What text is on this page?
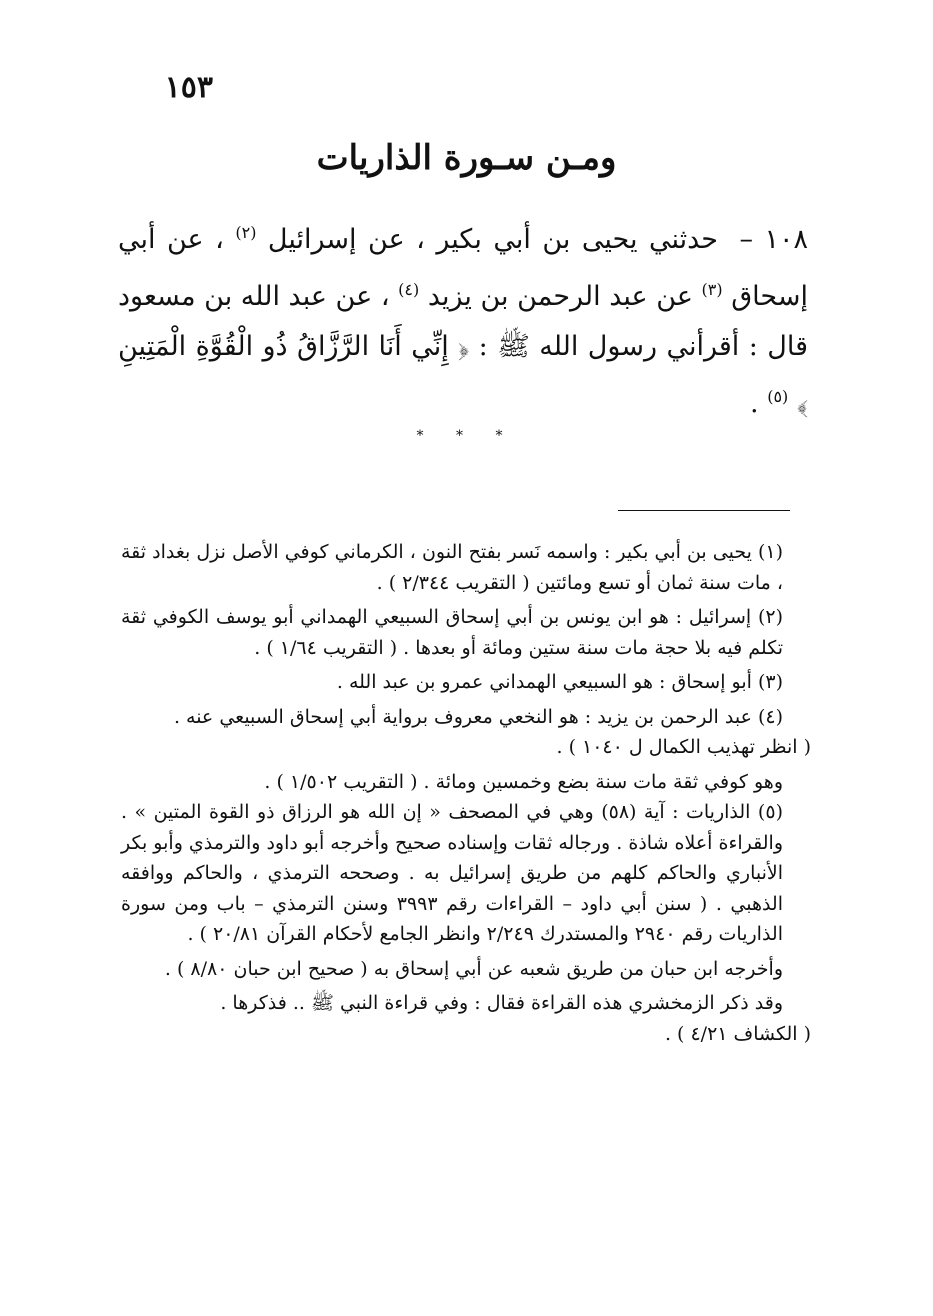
١٥٣
ومـن سـورة الذاريات

١٠٨ – حدثني يحيى بن أبي بكير ، عن إسرائيل $^{(٢)}$ ، عن أبي إسحاق $^{(٣)}$ عن عبد الرحمن بن يزيد $^{(٤)}$ ، عن عبد الله بن مسعود قال : أقرأني رسول الله ﷺ : ﴿ إِنِّي أَنَا الرَّزَّاقُ ذُو الْقُوَّةِ الْمَتِينِ ﴾ $^{(٥)}$ .

* * *

(١) يحيى بن أبي بكير : واسمه نَسر بفتح النون ، الكرماني كوفي الأصل نزل بغداد ثقة ، مات سنة ثمان أو تسع ومائتين ( التقريب ٢/٣٤٤ ) .

(٢) إسرائيل : هو ابن يونس بن أبي إسحاق السبيعي الهمداني أبو يوسف الكوفي ثقة تكلم فيه بلا حجة مات سنة ستين ومائة أو بعدها . ( التقريب ١/٦٤ ) .

(٣) أبو إسحاق : هو السبيعي الهمداني عمرو بن عبد الله .

(٤) عبد الرحمن بن يزيد : هو النخعي معروف برواية أبي إسحاق السبيعي عنه .

( انظر تهذيب الكمال ل ١٠٤٠ ) .

وهو كوفي ثقة مات سنة بضع وخمسين ومائة . ( التقريب ١/٥٠٢ ) .

(٥) الذاريات : آية (٥٨) وهي في المصحف « إن الله هو الرزاق ذو القوة المتين » . والقراءة أعلاه شاذة . ورجاله ثقات وإسناده صحيح وأخرجه أبو داود والترمذي وأبو بكر الأنباري والحاكم كلهم من طريق إسرائيل به . وصححه الترمذي ، والحاكم ووافقه الذهبي . ( سنن أبي داود – القراءات رقم ٣٩٩٣ وسنن الترمذي – باب ومن سورة الذاريات رقم ٢٩٤٠ والمستدرك ٢/٢٤٩ وانظر الجامع لأحكام القرآن ٢٠/٨١ ) .

وأخرجه ابن حبان من طريق شعبه عن أبي إسحاق به ( صحيح ابن حبان ٨/٨٠ ) .

وقد ذكر الزمخشري هذه القراءة فقال : وفي قراءة النبي ﷺ .. فذكرها .

( الكشاف ٤/٢١ ) .
